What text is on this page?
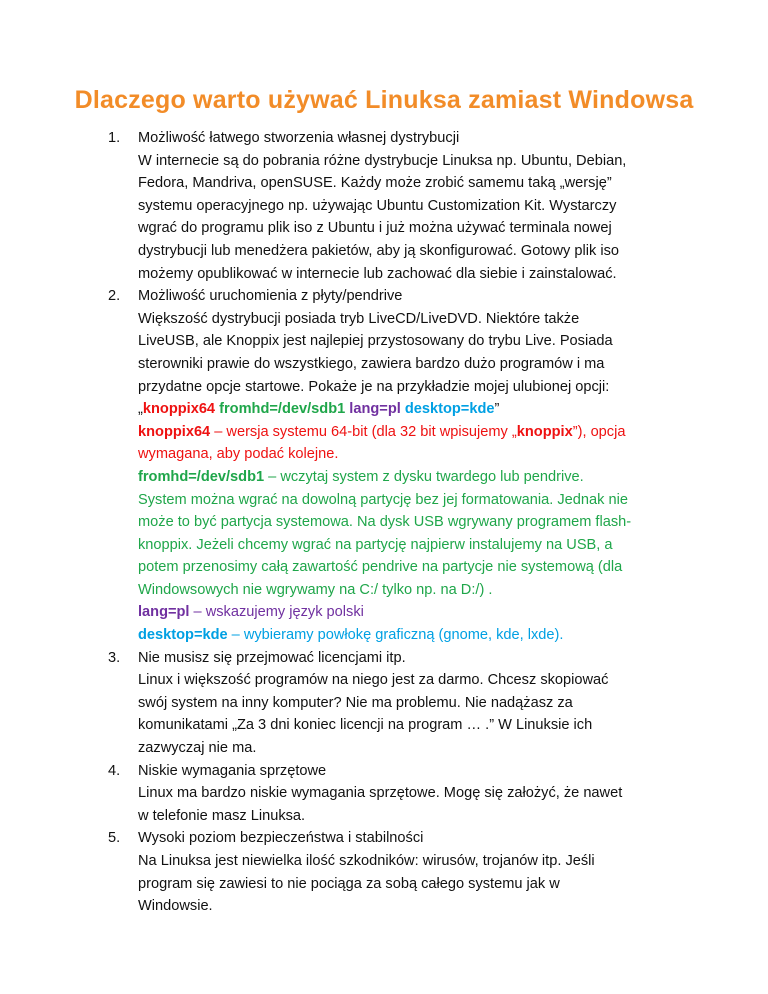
Dlaczego warto używać Linuksa zamiast Windowsa
1. Możliwość łatwego stworzenia własnej dystrybucji
W internecie są do pobrania różne dystrybucje Linuksa np. Ubuntu, Debian,
Fedora, Mandriva, openSUSE. Każdy może zrobić samemu taką „wersję”
systemu operacyjnego np. używając Ubuntu Customization Kit. Wystarczy
wgrać do programu plik iso z Ubuntu i już można używać terminala nowej
dystrybucji lub menedżera pakietów, aby ją skonfigurować. Gotowy plik iso
możemy opublikować w internecie lub zachować dla siebie i zainstalować.
2. Możliwość uruchomienia z płyty/pendrive
Większość dystrybucji posiada tryb LiveCD/LiveDVD. Niektóre także
LiveUSB, ale Knoppix jest najlepiej przystosowany do trybu Live. Posiada
sterowniki prawie do wszystkiego, zawiera bardzo dużo programów i ma
przydatne opcje startowe. Pokaże je na przykładzie mojej ulubionej opcji:
„knoppix64 fromhd=/dev/sdb1 lang=pl desktop=kde”
knoppix64 – wersja systemu 64-bit (dla 32 bit wpisujemy „knoppix”), opcja
wymagana, aby podać kolejne.
fromhd=/dev/sdb1 – wczytaj system z dysku twardego lub pendrive.
System można wgrać na dowolną partycję bez jej formatowania. Jednak nie
może to być partycja systemowa. Na dysk USB wgrywany programem flash-
knoppix. Jeżeli chcemy wgrać na partycję najpierw instalujemy na USB, a
potem przenosimy całą zawartość pendrive na partycje nie systemową (dla
Windowsowych nie wgrywamy na C:/ tylko np. na D:/) .
lang=pl – wskazujemy język polski
desktop=kde – wybieramy powłokę graficzną (gnome, kde, lxde).
3. Nie musisz się przejmować licencjami itp.
Linux i większość programów na niego jest za darmo. Chcesz skopiować
swój system na inny komputer? Nie ma problemu. Nie nadążasz za
komunikatami „Za 3 dni koniec licencji na program … .” W Linuksie ich
zazwyczaj nie ma.
4. Niskie wymagania sprzętowe
Linux ma bardzo niskie wymagania sprzętowe. Mogę się założyć, że nawet
w telefonie masz Linuksa.
5. Wysoki poziom bezpieczeństwa i stabilności
Na Linuksa jest niewielka ilość szkodników: wirusów, trojanów itp. Jeśli
program się zawiesi to nie pociąga za sobą całego systemu jak w
Windowsie.
